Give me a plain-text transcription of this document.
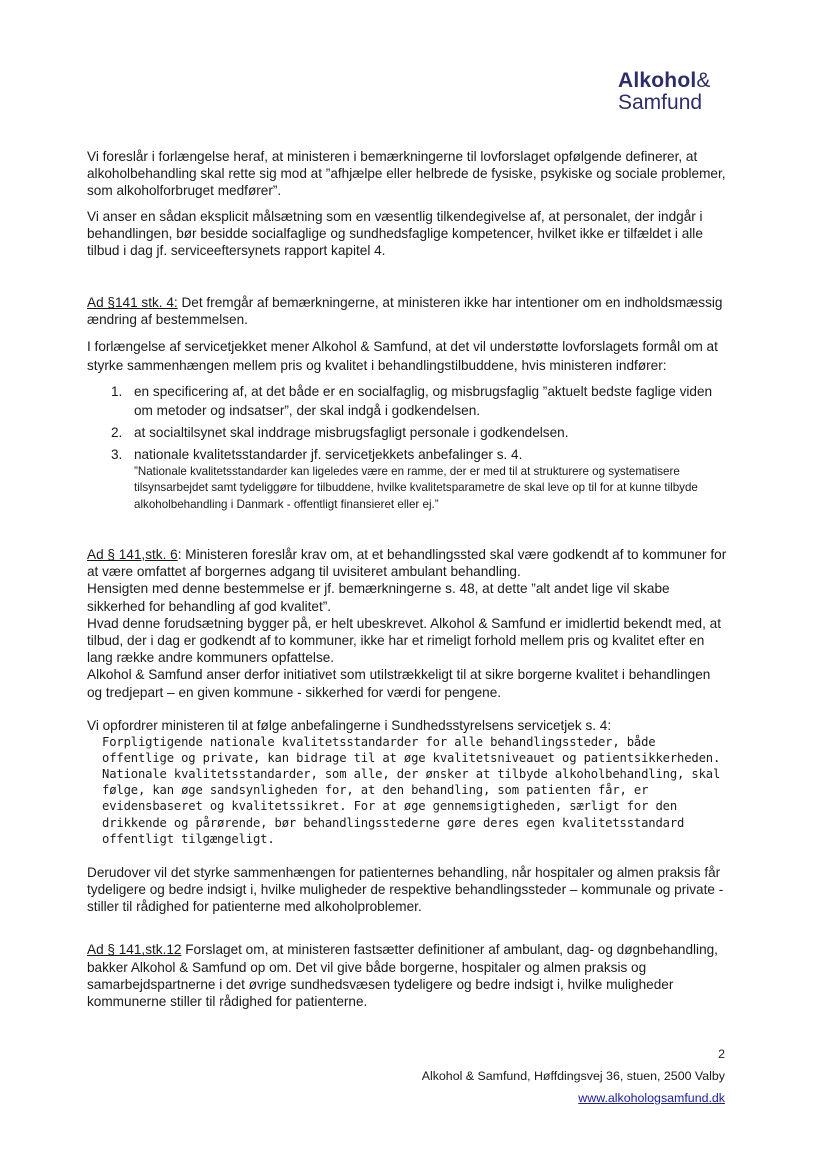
Alkohol&
Samfund

Vi foreslår i forlængelse heraf, at ministeren i bemærkningerne til lovforslaget opfølgende definerer, at alkoholbehandling skal rette sig mod at ”afhjælpe eller helbrede de fysiske, psykiske og sociale problemer, som alkoholforbruget medfører”.

Vi anser en sådan eksplicit målsætning som en væsentlig tilkendegivelse af, at personalet, der indgår i behandlingen, bør besidde socialfaglige og sundhedsfaglige kompetencer, hvilket ikke er tilfældet i alle tilbud i dag jf. serviceeftersynets rapport kapitel 4.

Ad §141 stk. 4: Det fremgår af bemærkningerne, at ministeren ikke har intentioner om en indholdsmæssig ændring af bestemmelsen.

I forlængelse af servicetjekket mener Alkohol & Samfund, at det vil understøtte lovforslagets formål om at styrke sammenhængen mellem pris og kvalitet i behandlingstilbuddene, hvis ministeren indfører:

1. en specificering af, at det både er en socialfaglig, og misbrugsfaglig ”aktuelt bedste faglige viden om metoder og indsatser”, der skal indgå i godkendelsen.
2. at socialtilsynet skal inddrage misbrugsfagligt personale i godkendelsen.
3. nationale kvalitetsstandarder jf. servicetjekkets anbefalinger s. 4.
”Nationale kvalitetsstandarder kan ligeledes være en ramme, der er med til at strukturere og systematisere tilsynsarbejdet samt tydeliggøre for tilbuddene, hvilke kvalitetsparametre de skal leve op til for at kunne tilbyde alkoholbehandling i Danmark - offentligt finansieret eller ej.”

Ad § 141,stk. 6: Ministeren foreslår krav om, at et behandlingssted skal være godkendt af to kommuner for at være omfattet af borgernes adgang til uvisiteret ambulant behandling.

Hensigten med denne bestemmelse er jf. bemærkningerne s. 48, at dette ”alt andet lige vil skabe sikkerhed for behandling af god kvalitet”.

Hvad denne forudsætning bygger på, er helt ubeskrevet. Alkohol & Samfund er imidlertid bekendt med, at tilbud, der i dag er godkendt af to kommuner, ikke har et rimeligt forhold mellem pris og kvalitet efter en lang række andre kommuners opfattelse.

Alkohol & Samfund anser derfor initiativet som utilstrækkeligt til at sikre borgerne kvalitet i behandlingen og tredjepart – en given kommune - sikkerhed for værdi for pengene.

Vi opfordrer ministeren til at følge anbefalingerne i Sundhedsstyrelsens servicetjek s. 4:

Forpligtigende nationale kvalitetsstandarder for alle behandlingssteder, både offentlige og private, kan bidrage til at øge kvalitetsniveauet og patientsikkerheden. Nationale kvalitetsstandarder, som alle, der ønsker at tilbyde alkoholbehandling, skal følge, kan øge sandsynligheden for, at den behandling, som patienten får, er evidensbaseret og kvalitetssikret. For at øge gennemsigtigheden, særligt for den drikkende og pårørende, bør behandlingsstederne gøre deres egen kvalitetsstandard offentligt tilgængeligt.

Derudover vil det styrke sammenhængen for patienternes behandling, når hospitaler og almen praksis får tydeligere og bedre indsigt i, hvilke muligheder de respektive behandlingssteder – kommunale og private - stiller til rådighed for patienterne med alkoholproblemer.

Ad § 141,stk.12 Forslaget om, at ministeren fastsætter definitioner af ambulant, dag- og døgnbehandling, bakker Alkohol & Samfund op om. Det vil give både borgerne, hospitaler og almen praksis og samarbejdspartnerne i det øvrige sundhedsvæsen tydeligere og bedre indsigt i, hvilke muligheder kommunerne stiller til rådighed for patienterne.

2
Alkohol & Samfund, Høffdingsvej 36, stuen, 2500 Valby
www.alkohologsamfund.dk
